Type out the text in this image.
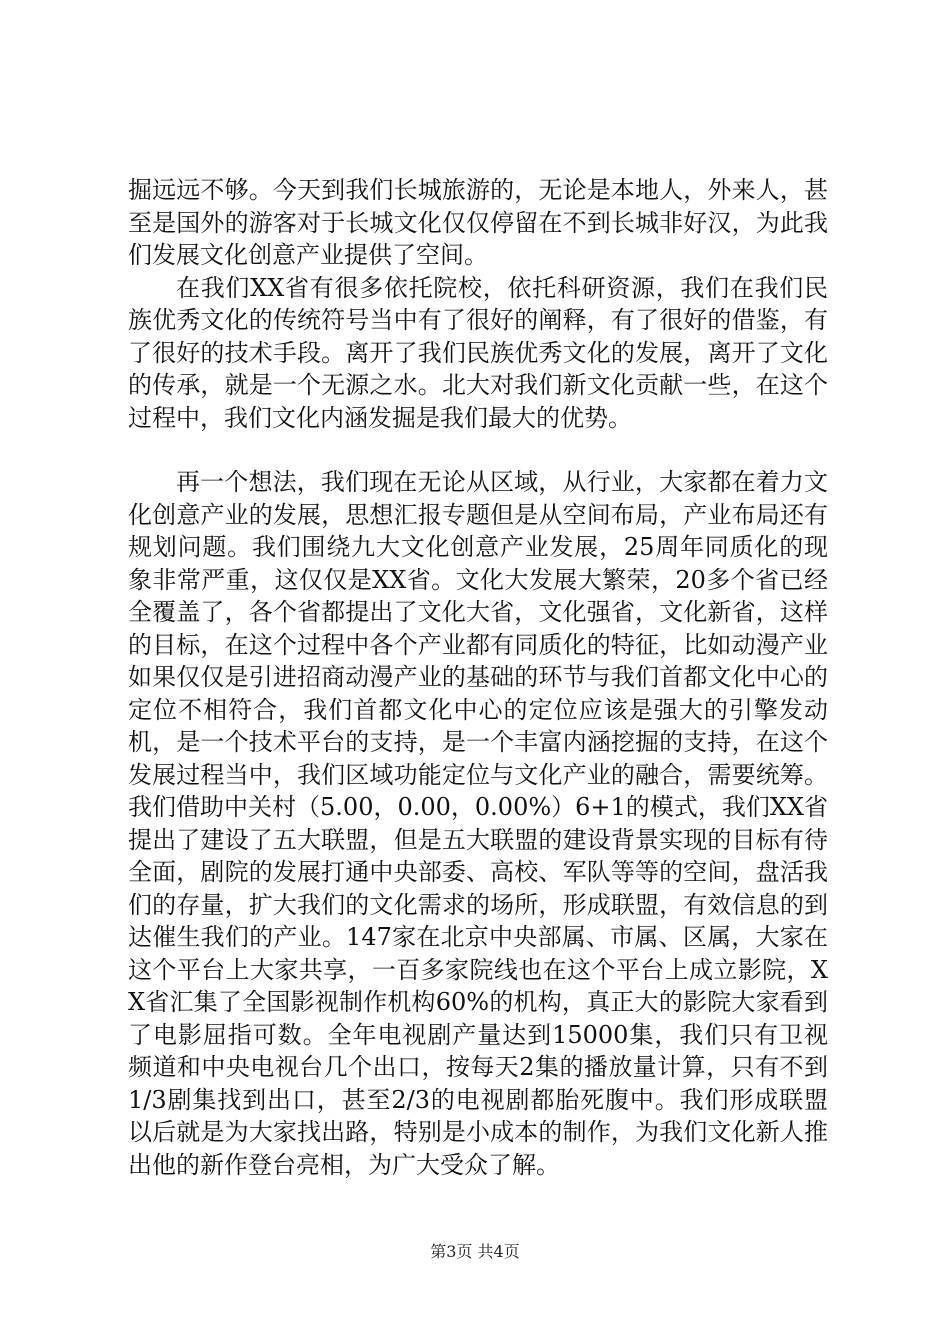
掘远远不够。今天到我们长城旅游的，无论是本地人，外来人，甚至是国外的游客对于长城文化仅仅停留在不到长城非好汉，为此我们发展文化创意产业提供了空间。

在我们XX省有很多依托院校，依托科研资源，我们在我们民族优秀文化的传统符号当中有了很好的阐释，有了很好的借鉴，有了很好的技术手段。离开了我们民族优秀文化的发展，离开了文化的传承，就是一个无源之水。北大对我们新文化贡献一些，在这个过程中，我们文化内涵发掘是我们最大的优势。

再一个想法，我们现在无论从区域，从行业，大家都在着力文化创意产业的发展，思想汇报专题但是从空间布局，产业布局还有规划问题。我们围绕九大文化创意产业发展，25周年同质化的现象非常严重，这仅仅是XX省。文化大发展大繁荣，20多个省已经全覆盖了，各个省都提出了文化大省，文化强省，文化新省，这样的目标，在这个过程中各个产业都有同质化的特征，比如动漫产业如果仅仅是引进招商动漫产业的基础的环节与我们首都文化中心的定位不相符合，我们首都文化中心的定位应该是强大的引擎发动机，是一个技术平台的支持，是一个丰富内涵挖掘的支持，在这个发展过程当中，我们区域功能定位与文化产业的融合，需要统筹。我们借助中关村（5.00，0.00，0.00%）6+1的模式，我们XX省提出了建设了五大联盟，但是五大联盟的建设背景实现的目标有待全面，剧院的发展打通中央部委、高校、军队等等的空间，盘活我们的存量，扩大我们的文化需求的场所，形成联盟，有效信息的到达催生我们的产业。147家在北京中央部属、市属、区属，大家在这个平台上大家共享，一百多家院线也在这个平台上成立影院，XX省汇集了全国影视制作机构60%的机构，真正大的影院大家看到了电影屈指可数。全年电视剧产量达到15000集，我们只有卫视频道和中央电视台几个出口，按每天2集的播放量计算，只有不到1/3剧集找到出口，甚至2/3的电视剧都胎死腹中。我们形成联盟以后就是为大家找出路，特别是小成本的制作，为我们文化新人推出他的新作登台亮相，为广大受众了解。

第3页 共4页
